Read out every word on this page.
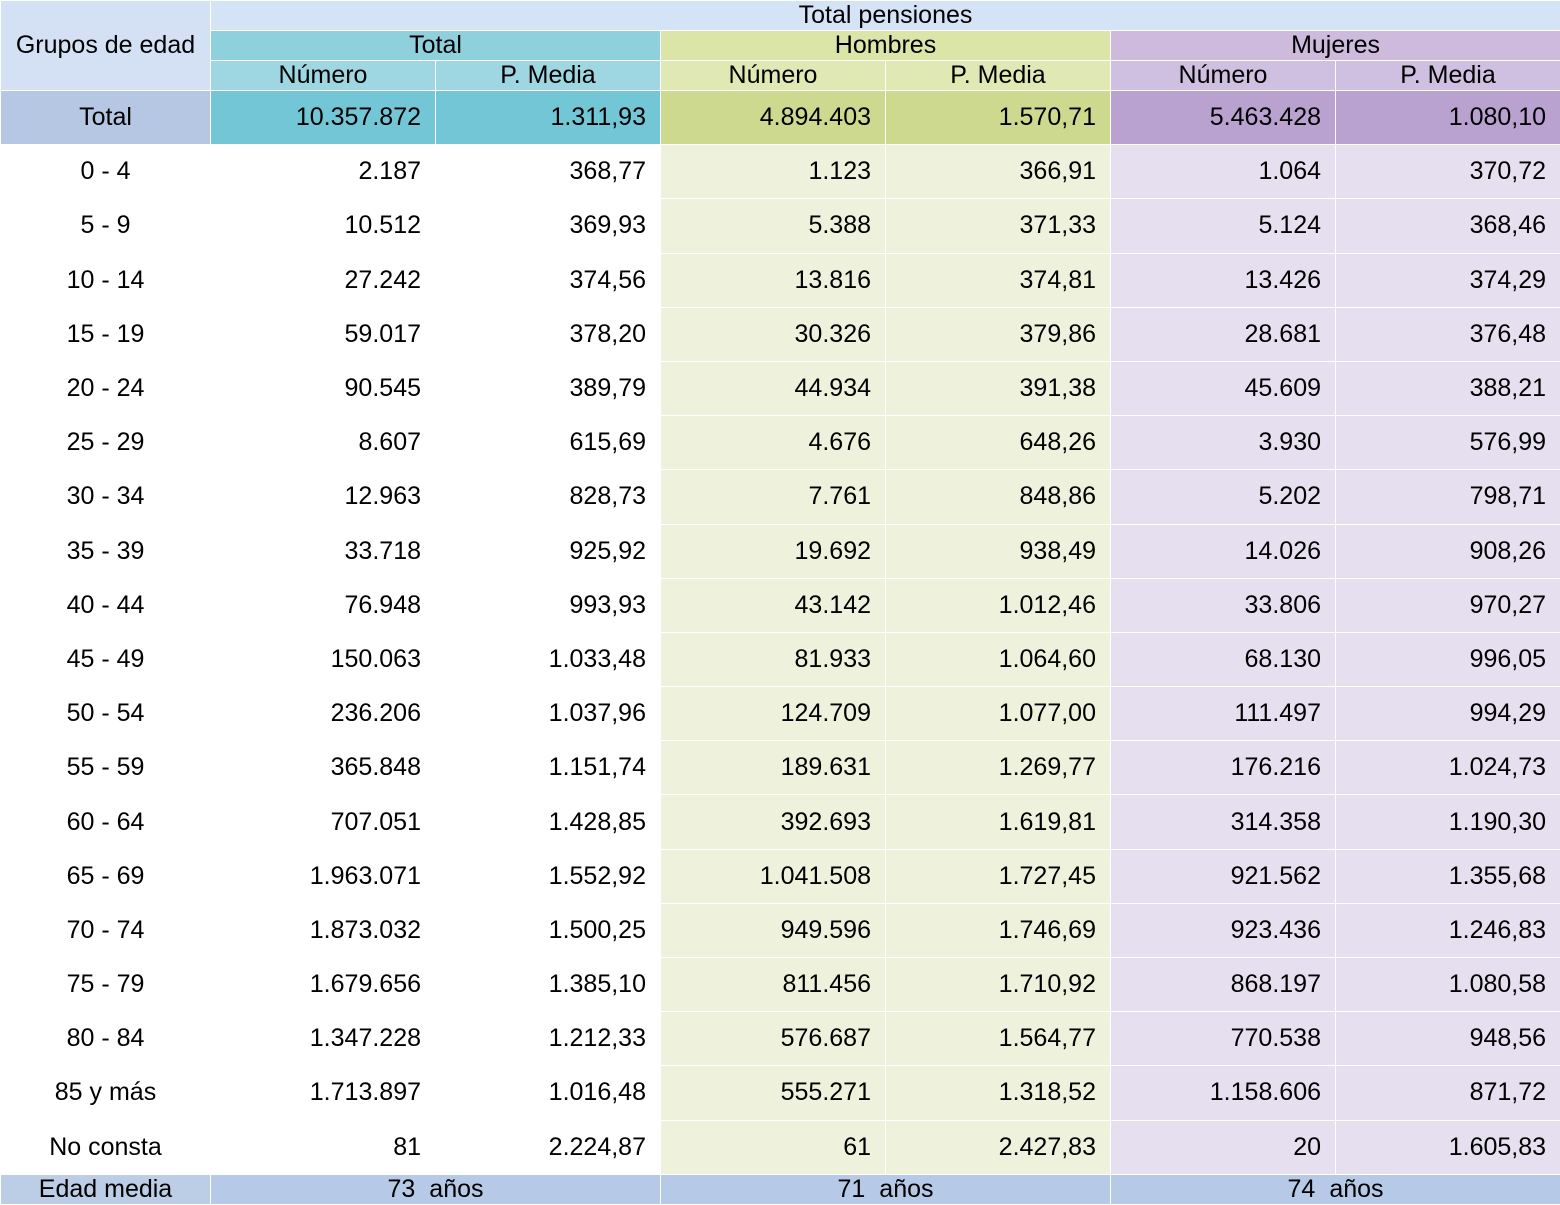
Grupos de edad	Total pensiones					
	Total		Hombres		Mujeres	
	Número	P. Media	Número	P. Media	Número	P. Media
Total	10.357.872	1.311,93	4.894.403	1.570,71	5.463.428	1.080,10
0 - 4	2.187	368,77	1.123	366,91	1.064	370,72
5 - 9	10.512	369,93	5.388	371,33	5.124	368,46
10 - 14	27.242	374,56	13.816	374,81	13.426	374,29
15 - 19	59.017	378,20	30.326	379,86	28.681	376,48
20 - 24	90.545	389,79	44.934	391,38	45.609	388,21
25 - 29	8.607	615,69	4.676	648,26	3.930	576,99
30 - 34	12.963	828,73	7.761	848,86	5.202	798,71
35 - 39	33.718	925,92	19.692	938,49	14.026	908,26
40 - 44	76.948	993,93	43.142	1.012,46	33.806	970,27
45 - 49	150.063	1.033,48	81.933	1.064,60	68.130	996,05
50 - 54	236.206	1.037,96	124.709	1.077,00	111.497	994,29
55 - 59	365.848	1.151,74	189.631	1.269,77	176.216	1.024,73
60 - 64	707.051	1.428,85	392.693	1.619,81	314.358	1.190,30
65 - 69	1.963.071	1.552,92	1.041.508	1.727,45	921.562	1.355,68
70 - 74	1.873.032	1.500,25	949.596	1.746,69	923.436	1.246,83
75 - 79	1.679.656	1.385,10	811.456	1.710,92	868.197	1.080,58
80 - 84	1.347.228	1.212,33	576.687	1.564,77	770.538	948,56
85 y más	1.713.897	1.016,48	555.271	1.318,52	1.158.606	871,72
No consta	81	2.224,87	61	2.427,83	20	1.605,83
Edad media	73 años		71 años		74 años	
